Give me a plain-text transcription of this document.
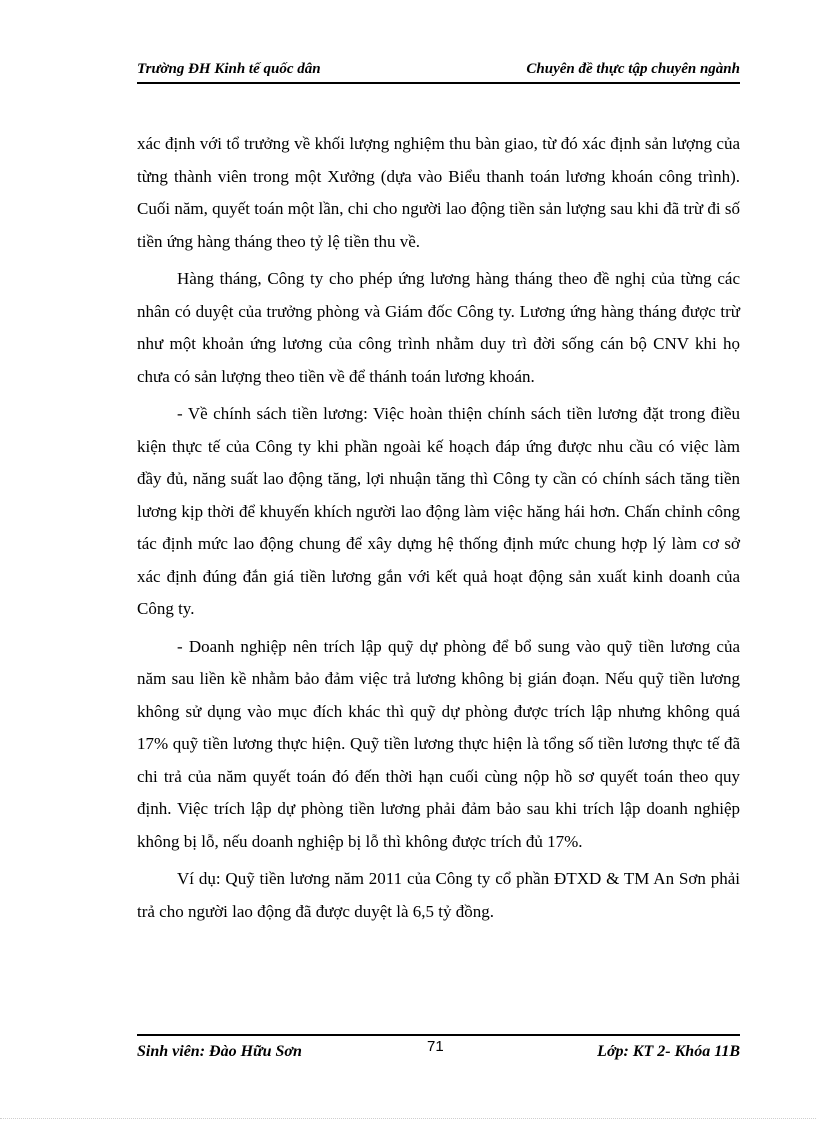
Trường ĐH Kinh tế quốc dân	Chuyên đề thực tập chuyên ngành

xác định với tổ trưởng về khối lượng nghiệm thu bàn giao, từ đó xác định sản lượng của từng thành viên trong một Xưởng (dựa vào Biểu thanh toán lương khoán công trình). Cuối năm, quyết toán một lần, chi cho người lao động tiền sản lượng sau khi đã trừ đi số tiền ứng hàng tháng theo tỷ lệ tiền thu về.

Hàng tháng, Công ty cho phép ứng lương hàng tháng theo đề nghị của từng các nhân có duyệt của trưởng phòng và Giám đốc Công ty. Lương ứng hàng tháng được trừ như một khoản ứng lương của công trình nhằm duy trì đời sống cán bộ CNV khi họ chưa có sản lượng theo tiền về để thánh toán lương khoán.

- Về chính sách tiền lương: Việc hoàn thiện chính sách tiền lương đặt trong điều kiện thực tế của Công ty khi phần ngoài kế hoạch đáp ứng được nhu cầu có việc làm đầy đủ, năng suất lao động tăng, lợi nhuận tăng thì Công ty cần có chính sách tăng tiền lương kịp thời để khuyến khích người lao động làm việc hăng hái hơn. Chấn chỉnh công tác định mức lao động chung để xây dựng hệ thống định mức chung hợp lý làm cơ sở xác định đúng đắn giá tiền lương gắn với kết quả hoạt động sản xuất kinh doanh của Công ty.

- Doanh nghiệp nên trích lập quỹ dự phòng để bổ sung vào quỹ tiền lương của năm sau liền kề nhằm bảo đảm việc trả lương không bị gián đoạn. Nếu quỹ tiền lương không sử dụng vào mục đích khác thì quỹ dự phòng được trích lập nhưng không quá 17% quỹ tiền lương thực hiện. Quỹ tiền lương thực hiện là tổng số tiền lương thực tế đã chi trả của năm quyết toán đó đến thời hạn cuối cùng nộp hồ sơ quyết toán theo quy định. Việc trích lập dự phòng tiền lương phải đảm bảo sau khi trích lập doanh nghiệp không bị lỗ, nếu doanh nghiệp bị lỗ thì không được trích đủ 17%.

Ví dụ: Quỹ tiền lương năm 2011 của Công ty cổ phần ĐTXD & TM An Sơn phải trả cho người lao động đã được duyệt là 6,5 tỷ đồng.

Sinh viên: Đào Hữu Sơn	71	Lớp: KT 2- Khóa 11B
